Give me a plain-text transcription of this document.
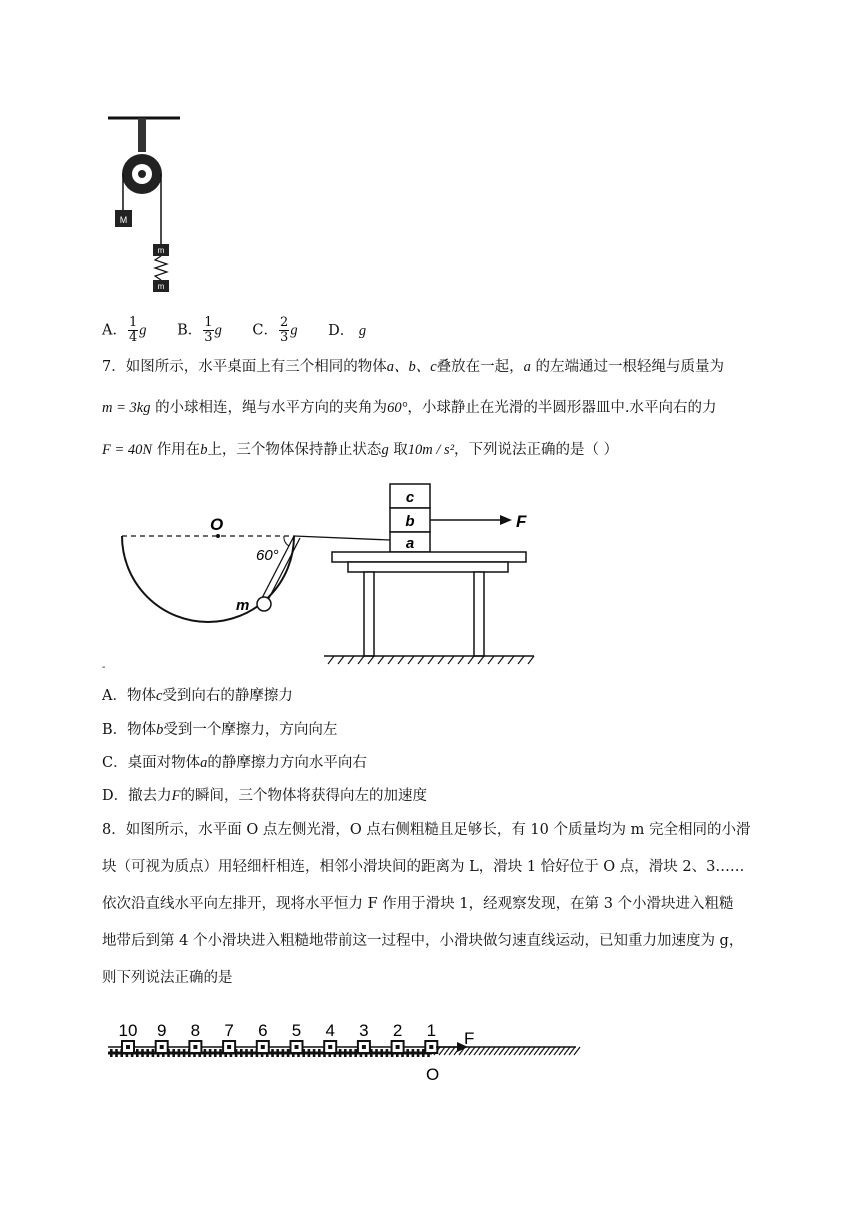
M
m
m
A． $\frac{1}{4}$ g B． $\frac{1}{3}$ g C． $\frac{2}{3}$ g D． g
7．如图所示，水平桌面上有三个相同的物体a、b、c叠放在一起，a 的左端通过一根轻绳与质量为
m = 3kg 的小球相连，绳与水平方向的夹角为60°，小球静止在光滑的半圆形器皿中.水平向右的力
F = 40N 作用在b上，三个物体保持静止状态g 取10m / s²，下列说法正确的是（ ）
O
60°
m
c
b
a
F
-
A．物体c受到向右的静摩擦力
B．物体b受到一个摩擦力，方向向左
C．桌面对物体a的静摩擦力方向水平向右
D．撤去力F的瞬间，三个物体将获得向左的加速度
8．如图所示，水平面 O 点左侧光滑，O 点右侧粗糙且足够长，有 10 个质量均为 m 完全相同的小滑
块（可视为质点）用轻细杆相连，相邻小滑块间的距离为 L，滑块 1 恰好位于 O 点，滑块 2、3……
依次沿直线水平向左排开，现将水平恒力 F 作用于滑块 1，经观察发现，在第 3 个小滑块进入粗糙
地带后到第 4 个小滑块进入粗糙地带前这一过程中，小滑块做匀速直线运动，已知重力加速度为 g，
则下列说法正确的是
10 9 8 7 6 5 4 3 2 1 F
O
